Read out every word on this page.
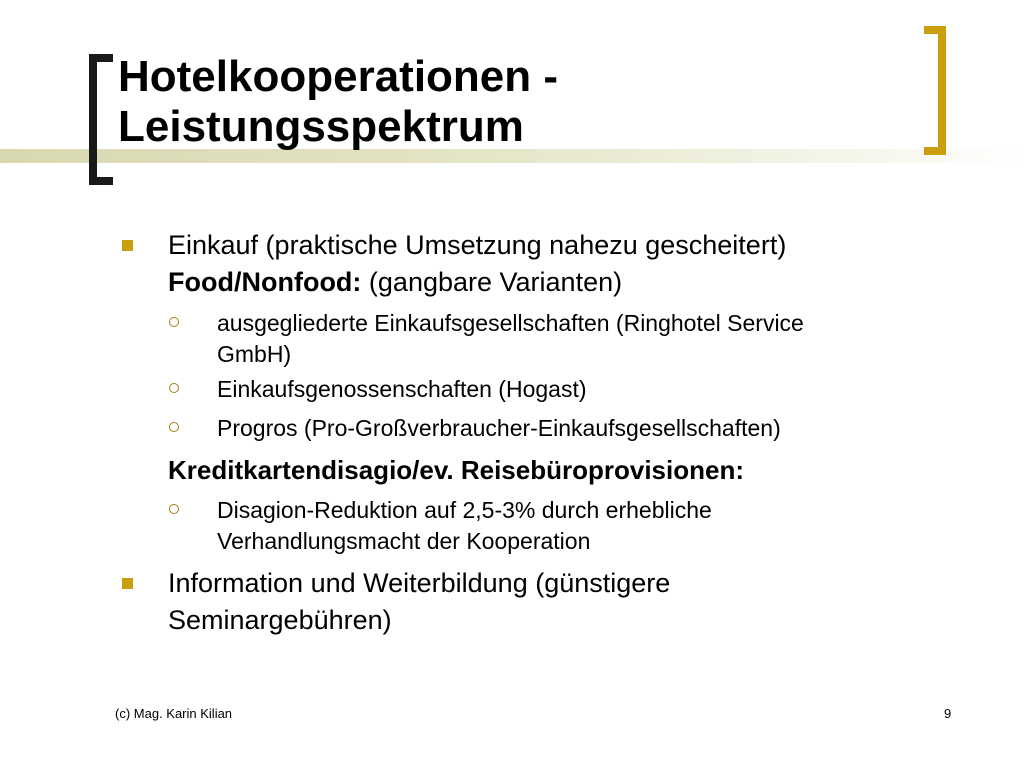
Hotelkooperationen -
Leistungsspektrum
Einkauf (praktische Umsetzung nahezu gescheitert)
Food/Nonfood: (gangbare Varianten)
ausgegliederte Einkaufsgesellschaften (Ringhotel Service
GmbH)
Einkaufsgenossenschaften (Hogast)
Progros (Pro-Großverbraucher-Einkaufsgesellschaften)
Kreditkartendisagio/ev. Reisebüroprovisionen:
Disagion-Reduktion auf 2,5-3% durch erhebliche
Verhandlungsmacht der Kooperation
Information und Weiterbildung (günstigere
Seminargebühren)
(c) Mag. Karin Kilian	9
